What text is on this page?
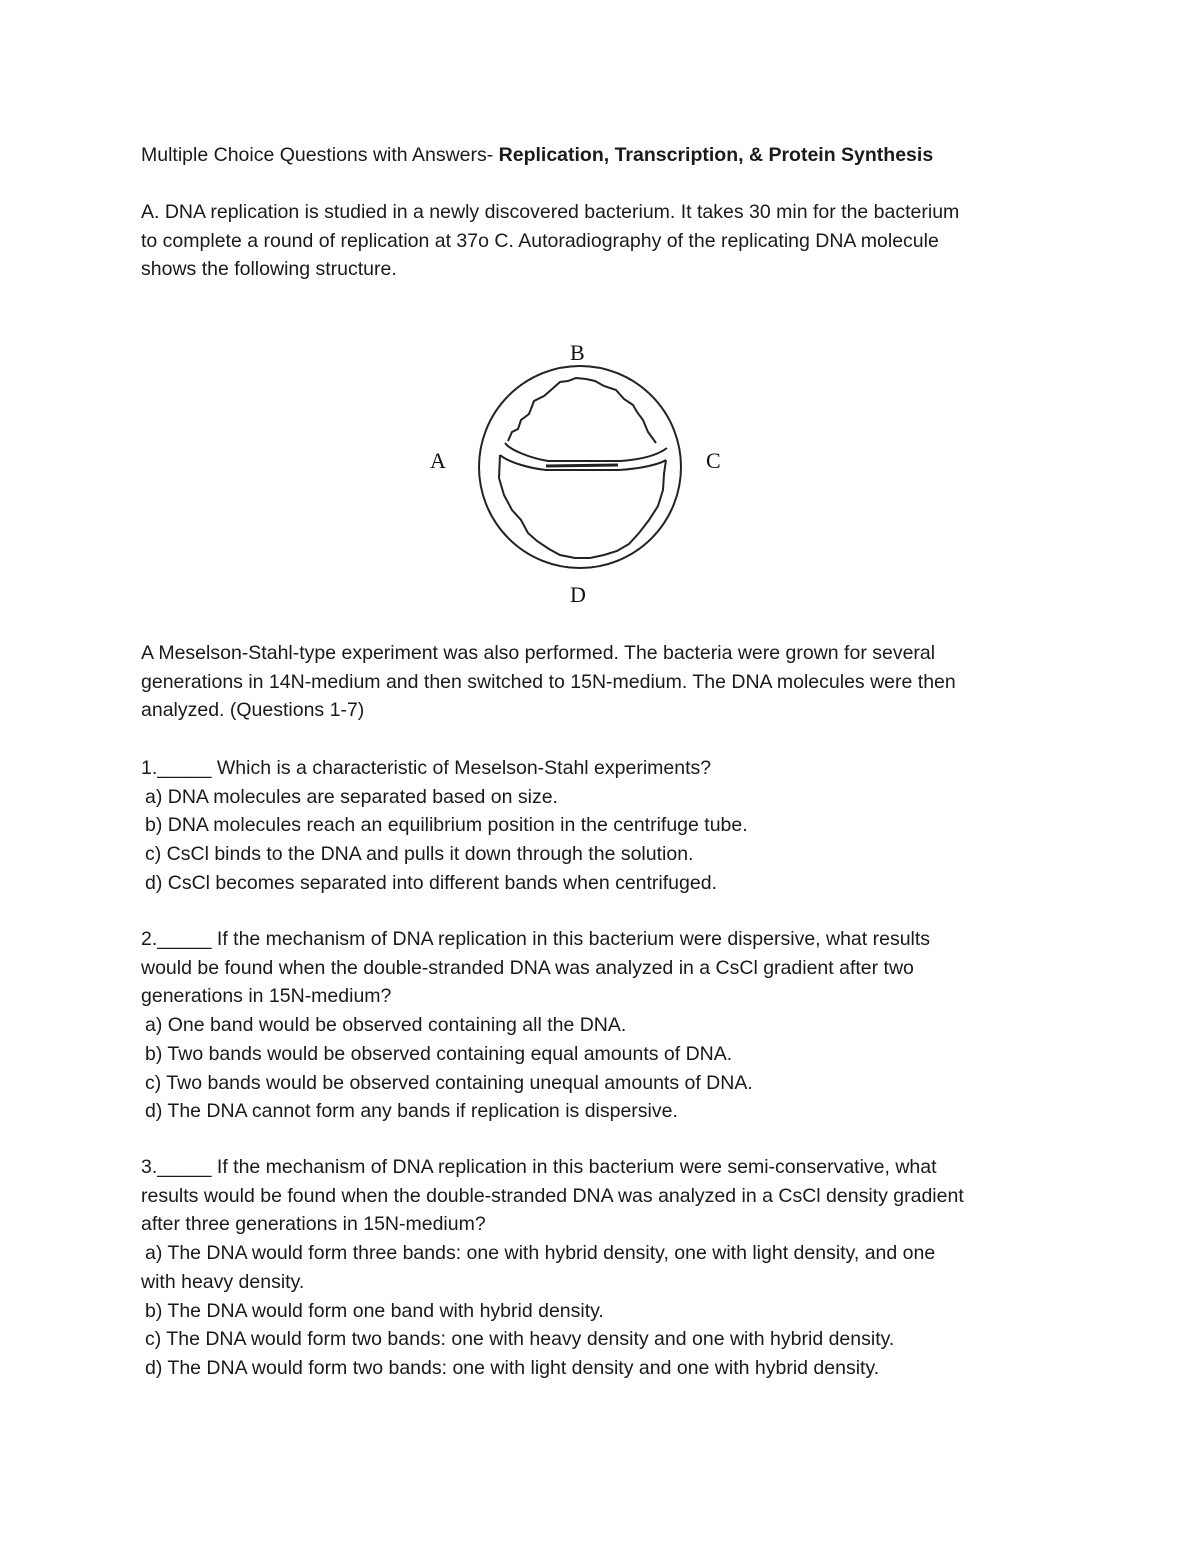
Multiple Choice Questions with Answers- Replication, Transcription, & Protein Synthesis
A. DNA replication is studied in a newly discovered bacterium. It takes 30 min for the bacterium
to complete a round of replication at 37o C. Autoradiography of the replicating DNA molecule
shows the following structure.
B
A	C
D
A Meselson-Stahl-type experiment was also performed. The bacteria were grown for several
generations in 14N-medium and then switched to 15N-medium. The DNA molecules were then
analyzed. (Questions 1-7)
1._____ Which is a characteristic of Meselson-Stahl experiments?
a) DNA molecules are separated based on size.
b) DNA molecules reach an equilibrium position in the centrifuge tube.
c) CsCl binds to the DNA and pulls it down through the solution.
d) CsCl becomes separated into different bands when centrifuged.
2._____ If the mechanism of DNA replication in this bacterium were dispersive, what results
would be found when the double-stranded DNA was analyzed in a CsCl gradient after two
generations in 15N-medium?
a) One band would be observed containing all the DNA.
b) Two bands would be observed containing equal amounts of DNA.
c) Two bands would be observed containing unequal amounts of DNA.
d) The DNA cannot form any bands if replication is dispersive.
3._____ If the mechanism of DNA replication in this bacterium were semi-conservative, what
results would be found when the double-stranded DNA was analyzed in a CsCl density gradient
after three generations in 15N-medium?
a) The DNA would form three bands: one with hybrid density, one with light density, and one
with heavy density.
b) The DNA would form one band with hybrid density.
c) The DNA would form two bands: one with heavy density and one with hybrid density.
d) The DNA would form two bands: one with light density and one with hybrid density.
